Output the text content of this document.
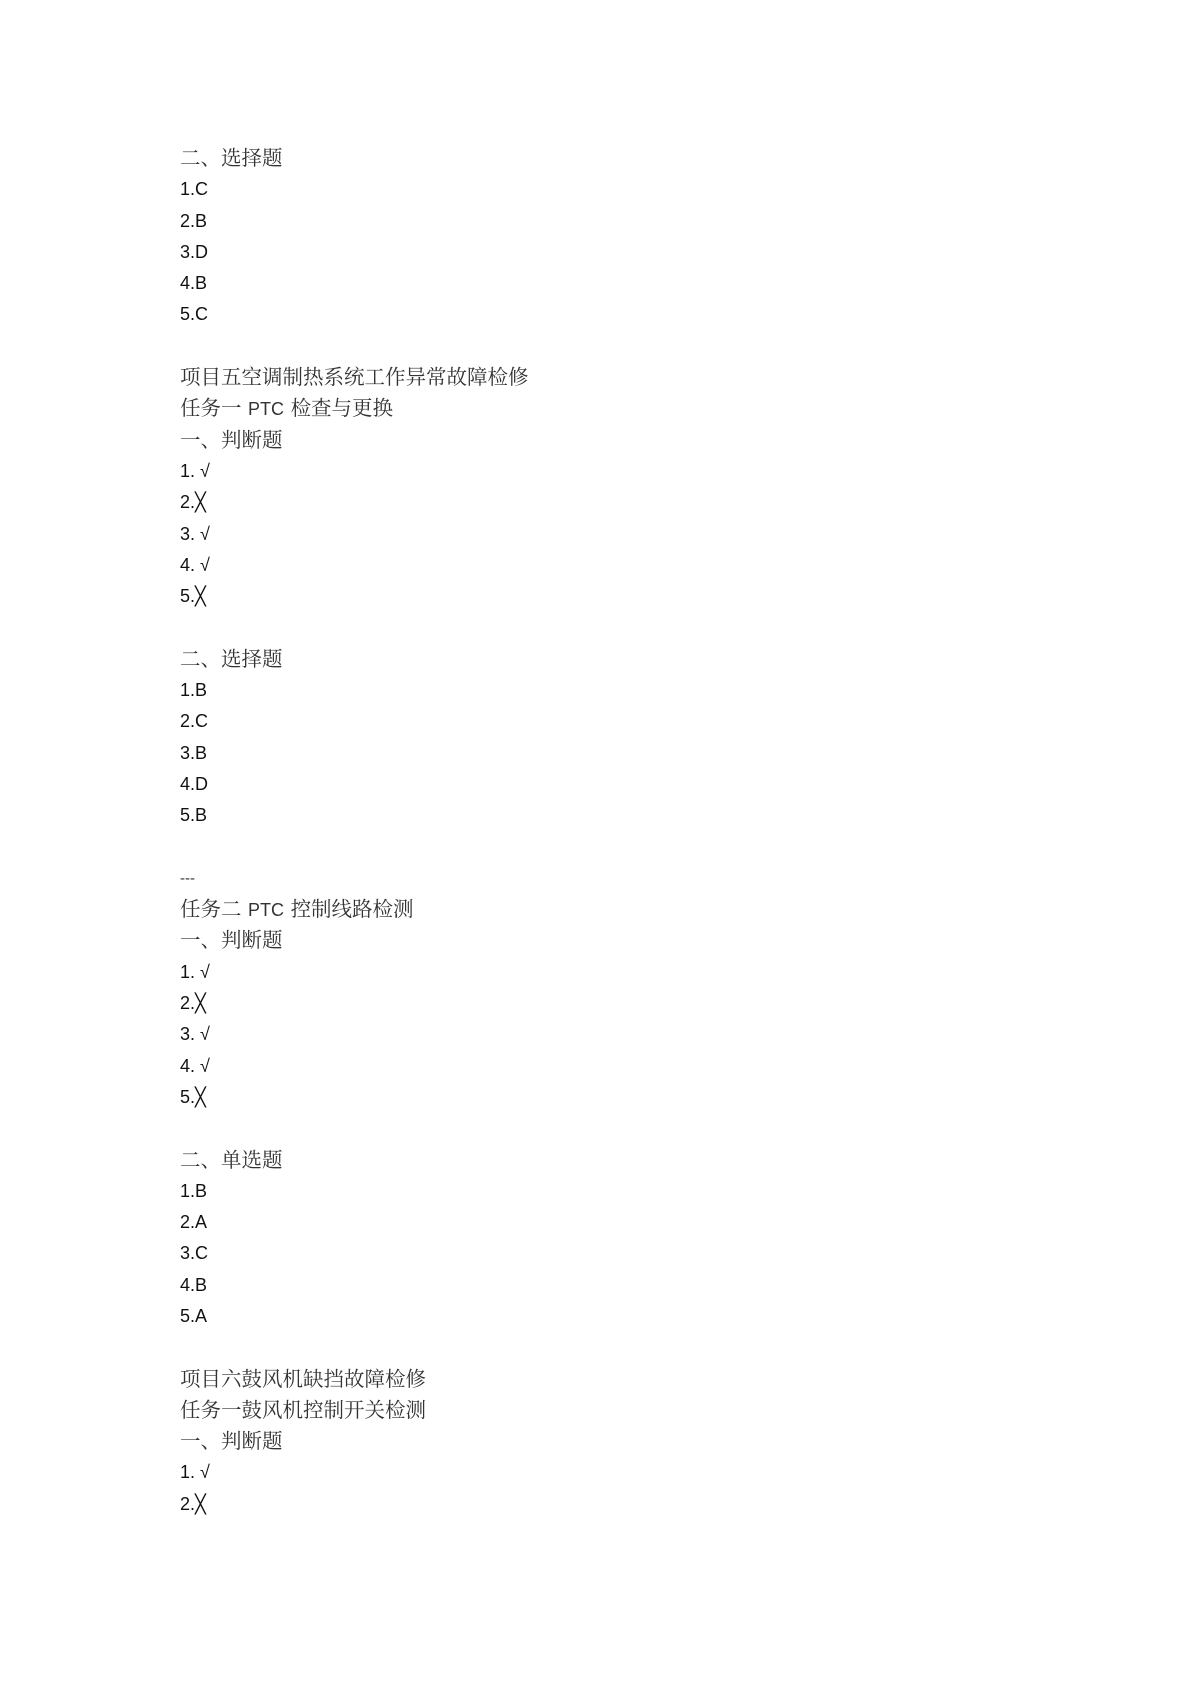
二、选择题
1.C
2.B
3.D
4.B
5.C
项目五空调制热系统工作异常故障检修
任务一 PTC 检查与更换
一、判断题
1. √
2.╳
3. √
4. √
5.╳
二、选择题
1.B
2.C
3.B
4.D
5.B
---
任务二 PTC 控制线路检测
一、判断题
1. √
2.╳
3. √
4. √
5.╳
二、单选题
1.B
2.A
3.C
4.B
5.A
项目六鼓风机缺挡故障检修
任务一鼓风机控制开关检测
一、判断题
1. √
2.╳
